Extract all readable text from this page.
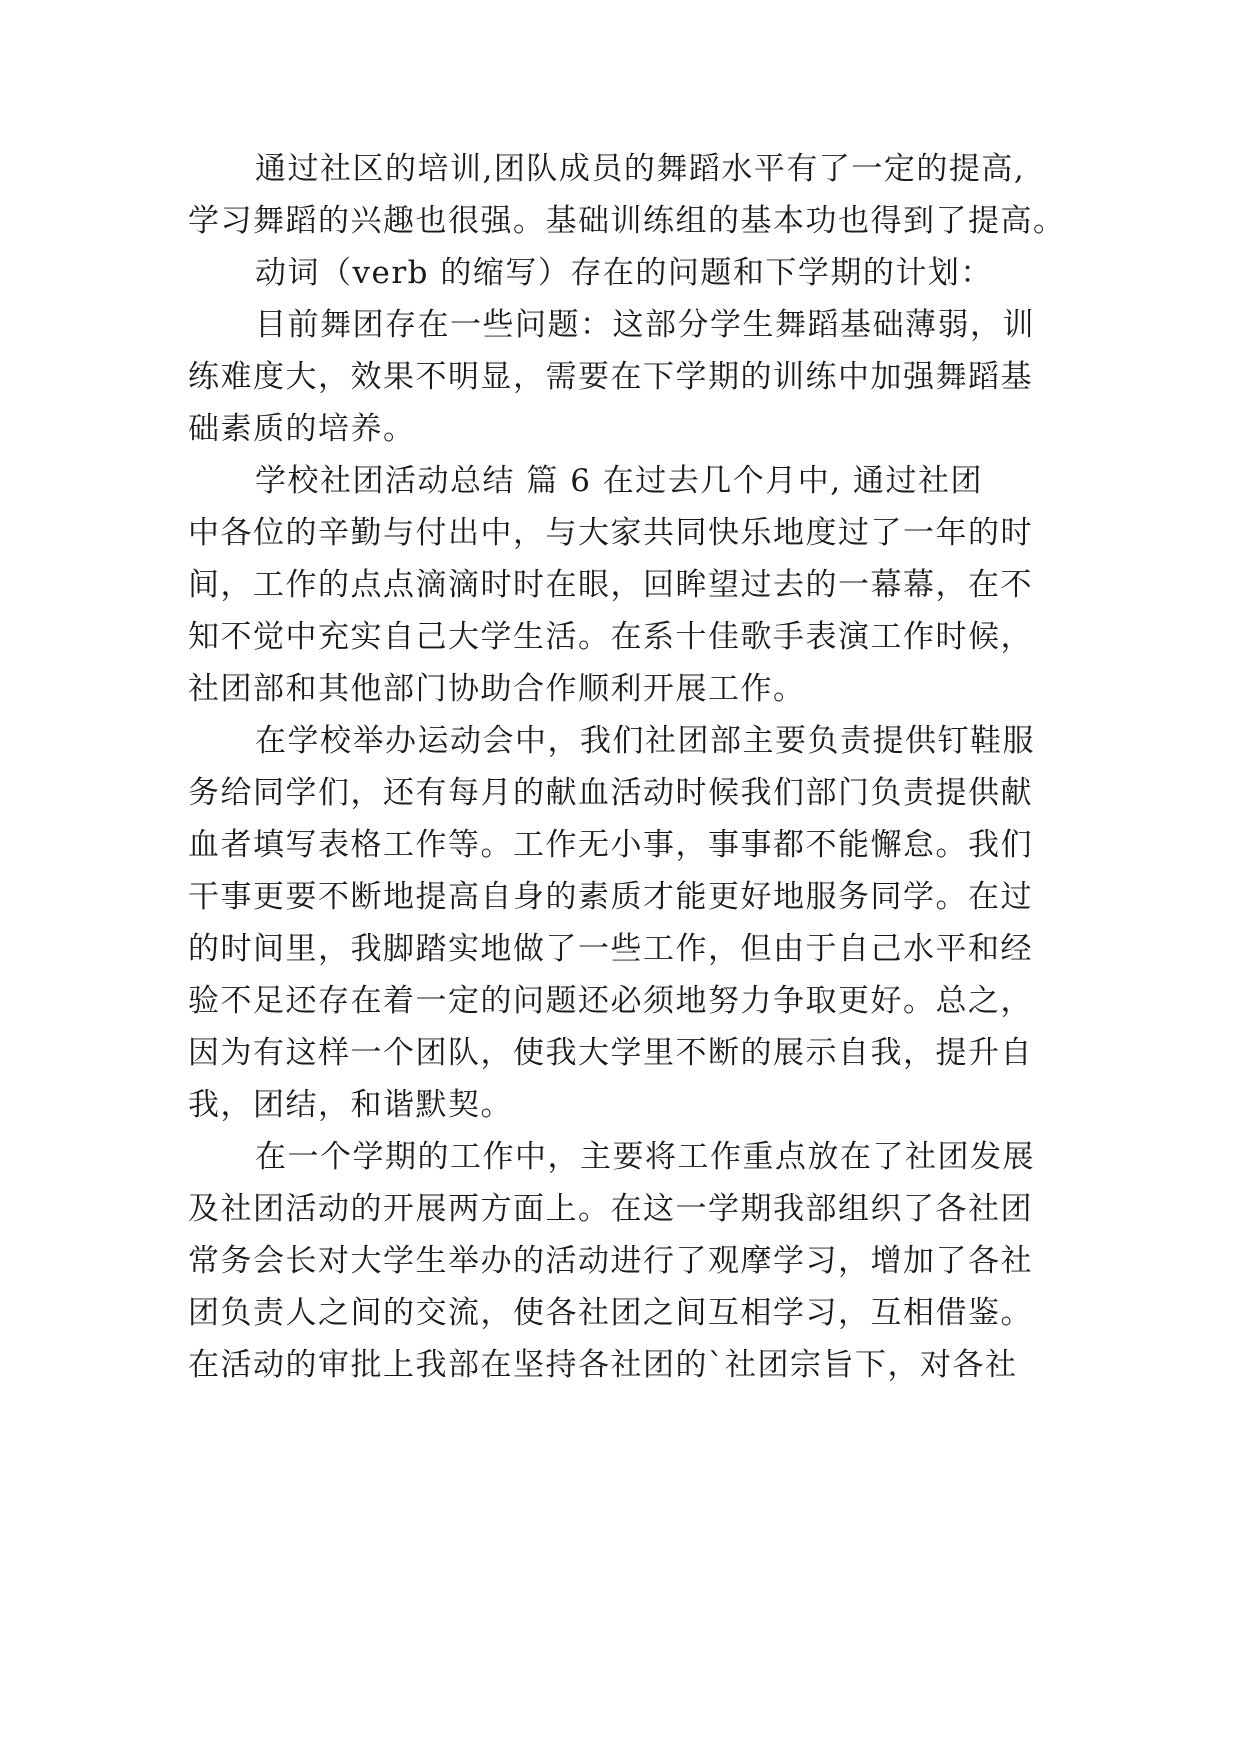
通过社区的培训,团队成员的舞蹈水平有了一定的提高,
学习舞蹈的兴趣也很强。基础训练组的基本功也得到了提高。
动词（verb 的缩写）存在的问题和下学期的计划：
目前舞团存在一些问题：这部分学生舞蹈基础薄弱，训
练难度大，效果不明显，需要在下学期的训练中加强舞蹈基
础素质的培养。
学校社团活动总结 篇 6 在过去几个月中, 通过社团
中各位的辛勤与付出中，与大家共同快乐地度过了一年的时
间，工作的点点滴滴时时在眼，回眸望过去的一幕幕，在不
知不觉中充实自己大学生活。在系十佳歌手表演工作时候，
社团部和其他部门协助合作顺利开展工作。
在学校举办运动会中，我们社团部主要负责提供钉鞋服
务给同学们，还有每月的献血活动时候我们部门负责提供献
血者填写表格工作等。工作无小事，事事都不能懈怠。我们
干事更要不断地提高自身的素质才能更好地服务同学。在过
的时间里，我脚踏实地做了一些工作，但由于自己水平和经
验不足还存在着一定的问题还必须地努力争取更好。总之，
因为有这样一个团队，使我大学里不断的展示自我，提升自
我，团结，和谐默契。
在一个学期的工作中，主要将工作重点放在了社团发展
及社团活动的开展两方面上。在这一学期我部组织了各社团
常务会长对大学生举办的活动进行了观摩学习，增加了各社
团负责人之间的交流，使各社团之间互相学习，互相借鉴。
在活动的审批上我部在坚持各社团的`社团宗旨下，对各社
